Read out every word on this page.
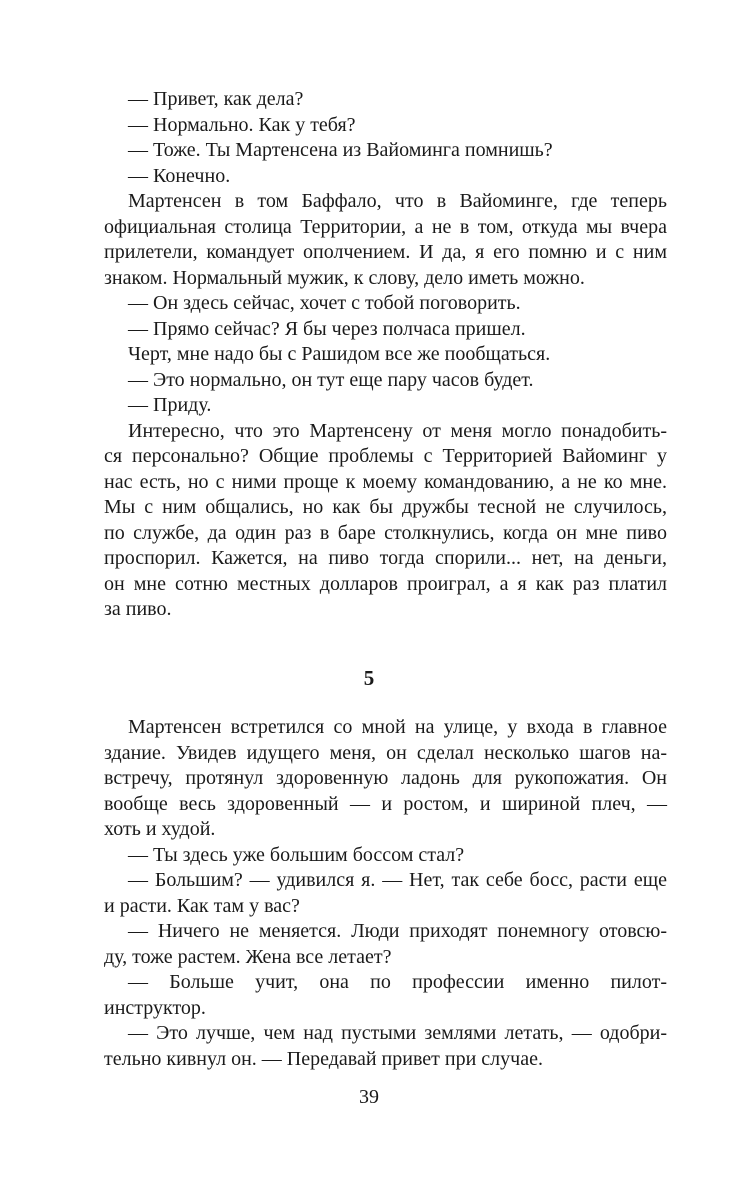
— Привет, как дела?
— Нормально. Как у тебя?
— Тоже. Ты Мартенсена из Вайоминга помнишь?
— Конечно.
Мартенсен в том Баффало, что в Вайоминге, где теперь
официальная столица Территории, а не в том, откуда мы вчера
прилетели, командует ополчением. И да, я его помню и с ним
знаком. Нормальный мужик, к слову, дело иметь можно.
— Он здесь сейчас, хочет с тобой поговорить.
— Прямо сейчас? Я бы через полчаса пришел.
Черт, мне надо бы с Рашидом все же пообщаться.
— Это нормально, он тут еще пару часов будет.
— Приду.
Интересно, что это Мартенсену от меня могло понадобить-
ся персонально? Общие проблемы с Территорией Вайоминг у
нас есть, но с ними проще к моему командованию, а не ко мне.
Мы с ним общались, но как бы дружбы тесной не случилось,
по службе, да один раз в баре столкнулись, когда он мне пиво
проспорил. Кажется, на пиво тогда спорили... нет, на деньги,
он мне сотню местных долларов проиграл, а я как раз платил
за пиво.
5
Мартенсен встретился со мной на улице, у входа в главное
здание. Увидев идущего меня, он сделал несколько шагов на-
встречу, протянул здоровенную ладонь для рукопожатия. Он
вообще весь здоровенный — и ростом, и шириной плеч, —
хоть и худой.
— Ты здесь уже большим боссом стал?
— Большим? — удивился я. — Нет, так себе босс, расти еще
и расти. Как там у вас?
— Ничего не меняется. Люди приходят понемногу отовсю-
ду, тоже растем. Жена все летает?
— Больше учит, она по профессии именно пилот-
инструктор.
— Это лучше, чем над пустыми землями летать, — одобри-
тельно кивнул он. — Передавай привет при случае.
39
